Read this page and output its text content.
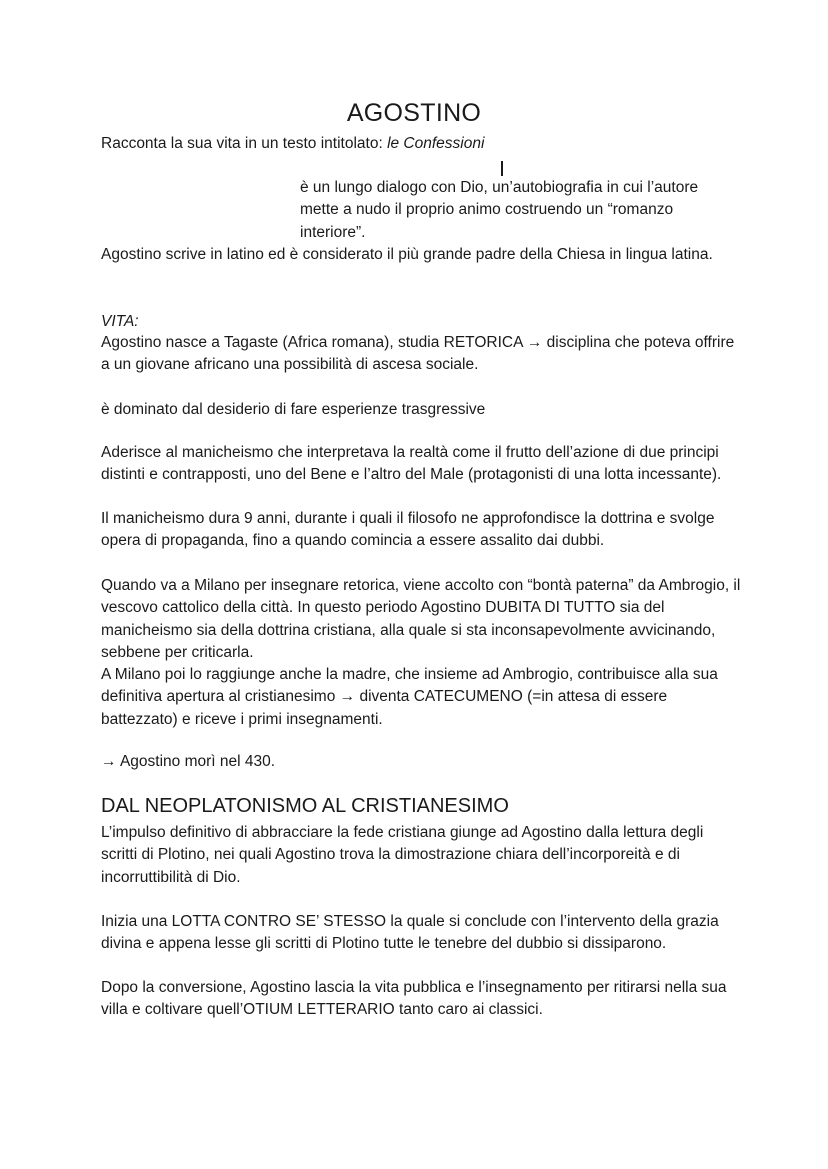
AGOSTINO

Racconta la sua vita in un testo intitolato: le Confessioni

è un lungo dialogo con Dio, un’autobiografia in cui l’autore mette a nudo il proprio animo costruendo un “romanzo interiore”.

Agostino scrive in latino ed è considerato il più grande padre della Chiesa in lingua latina.

VITA:

Agostino nasce a Tagaste (Africa romana), studia RETORICA → disciplina che poteva offrire a un giovane africano una possibilità di ascesa sociale.

è dominato dal desiderio di fare esperienze trasgressive

Aderisce al manicheismo che interpretava la realtà come il frutto dell’azione di due principi distinti e contrapposti, uno del Bene e l’altro del Male (protagonisti di una lotta incessante).

Il manicheismo dura 9 anni, durante i quali il filosofo ne approfondisce la dottrina e svolge opera di propaganda, fino a quando comincia a essere assalito dai dubbi.

Quando va a Milano per insegnare retorica, viene accolto con “bontà paterna” da Ambrogio, il vescovo cattolico della città. In questo periodo Agostino DUBITA DI TUTTO sia del manicheismo sia della dottrina cristiana, alla quale si sta inconsapevolmente avvicinando, sebbene per criticarla.

A Milano poi lo raggiunge anche la madre, che insieme ad Ambrogio, contribuisce alla sua definitiva apertura al cristianesimo → diventa CATECUMENO (=in attesa di essere battezzato) e riceve i primi insegnamenti.

→ Agostino morì nel 430.

DAL NEOPLATONISMO AL CRISTIANESIMO

L’impulso definitivo di abbracciare la fede cristiana giunge ad Agostino dalla lettura degli scritti di Plotino, nei quali Agostino trova la dimostrazione chiara dell’incorporeità e di incorruttibilità di Dio.

Inizia una LOTTA CONTRO SE’ STESSO la quale si conclude con l’intervento della grazia divina e appena lesse gli scritti di Plotino tutte le tenebre del dubbio si dissiparono.

Dopo la conversione, Agostino lascia la vita pubblica e l’insegnamento per ritirarsi nella sua villa e coltivare quell’OTIUM LETTERARIO tanto caro ai classici.
